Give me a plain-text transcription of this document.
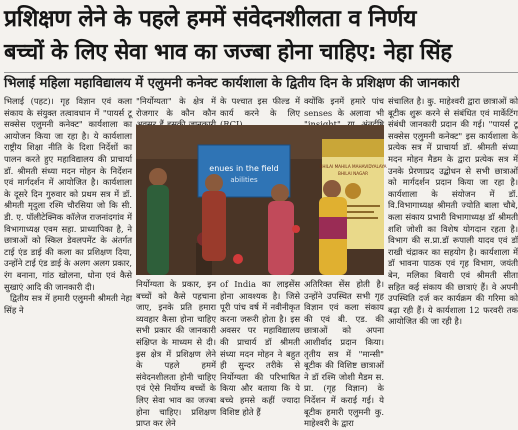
प्रशिक्षण लेने के पहले हममें संवेदनशीलता व निर्णय
बच्चों के लिए सेवा भाव का जज्बा होना चाहिए: नेहा सिंह
भिलाई महिला महाविद्यालय में एलुमनी कनेक्ट कार्यशाला के द्वितीय दिन के प्रशिक्षण की जानकारी

भिलाई (पहट)। गृह विज्ञान एवं कला संकाय के संयुक्त तत्वावधान में "पायर्स टू सक्सेस एलुमनी कनेक्ट" कार्यशाला का आयोजन किया जा रहा है। ये कार्यशाला राष्ट्रीय शिक्षा नीति के दिशा निर्देशों का पालन करते हुए महाविद्यालय की प्राचार्या डॉ. श्रीमती संध्या मदन मोहन के निर्देशन एवं मार्गदर्शन में आयोजित है। कार्यशाला के दूसरे दिन गुरुवार को प्रथम सत्र में डॉ. श्रीमती मृदुला रश्मि चौरसिया जो कि सी. डी. ए. पॉलीटेक्निक कॉलेज राजनांदगांव में विभागाध्यक्ष एवम सहा. प्राध्यापिका है, ने छात्राओं को स्किल डेवलपमेंट के अंतर्गत टाई एंड डाई की कला का प्रशिक्षण दिया, उन्होंने टाई एंड डाई के अलग अलग प्रकार, रंग बनाना, गांठ खोलना, धोना एवं कैसे सुखाएं आदि की जानकारी दी।

द्वितीय सत्र में हमारी एलुमनी श्रीमती नेहा सिंह ने

"निर्योग्यता" के क्षेत्र में रोजगार के कौन कौन

के पश्चात इस फील्ड में कार्य करने के लिए

क्योंकि इनमें हमारे पांच senses के अलावा भी

enues in the field
abilities
BHILAI MAHILA MAHAVIDYALAYA
BHILAI NAGAR

संचालित है। कु. माहेश्वरी द्वारा छात्राओं को बूटीक शुरू करने से संबंधित एवं मार्केटिंग संबंधी जानकारी प्रदान की गई। "पायर्स टू सक्सेस एलुमनी कनेक्ट" इस कार्यशाला के प्रत्येक सत्र में प्राचार्या डॉ. श्रीमती संध्या मदन मोहन मैडम के द्वारा प्रत्येक सत्र में उनके प्रेरणाप्रद उद्बोधन से सभी छात्राओं को मार्गदर्शन प्रदान किया जा रहा है। कार्यशाला के संयोजन में डॉ. वि.विभागाध्यक्ष श्रीमती ज्योति बाला चौबे, कला संकाय प्रभारी विभागाध्यक्ष डॉ श्रीमती शशि जोशी का विशेष योगदान रहता है। विभाग की स.प्रा.डॉ रूपाली यादव एवं डॉ राखी चंद्राकर का सहयोग है। कार्यशाला में डॉ भावना पाठक एवं गृह विभाग, जयंती बेन, मलिका बिवारी एवं श्रीमती सीता सहित कई संकाय की छात्राएं हैं। वे अपनी उपस्थिति दर्ज कर कार्यक्रम की गरिमा को बढ़ा रही हैं। ये कार्यशाला 12 फरवरी तक आयोजित की जा रही है।

निर्योग्यता के प्रकार, इन बच्चों को कैसे पहचाना जाए, इनके प्रति हमारा व्यवहार कैसा होना चाहिए सभी प्रकार की जानकारी संक्षिप्त के माध्यम से दी। इस क्षेत्र में प्रशिक्षण लेने के पहले हममें संवेदनशीलता होनी चाहिए एवं ऐसे निर्योग्य बच्चों के लिए सेवा भाव का जज्बा होना चाहिए। प्रशिक्षण प्राप्त कर लेने

of India का लाइसेंस होना आवश्यक है। जिसे पूरी पांच वर्ष में नवीनीकृत करना जरूरी होता है। इस अवसर पर महाविद्यालय की प्राचार्य डॉ श्रीमती संध्या मदन मोहन ने बहुत ही सुन्दर तरीके से निर्योग्यता की परिभाषित किया और बताया कि ये बच्चे हमसे कहीं ज्यादा विशिष्ट होते हैं

अतिरिक्त सेंस होती है। उन्होंने उपस्थित सभी गृह विज्ञान एवं कला संकाय की एवं बी. एड. की छात्राओं को अपना आशीर्वाद प्रदान किया। तृतीय सत्र में "मान्सी" बूटीक की विशिष्ट छात्राओं ने डॉ रश्मि जोशी मैडम स. प्रा. (गृह विज्ञान) के निर्देशन में कराई गई। ये बूटीक हमारी एलुमनी कु. माहेश्वरी के द्वारा
